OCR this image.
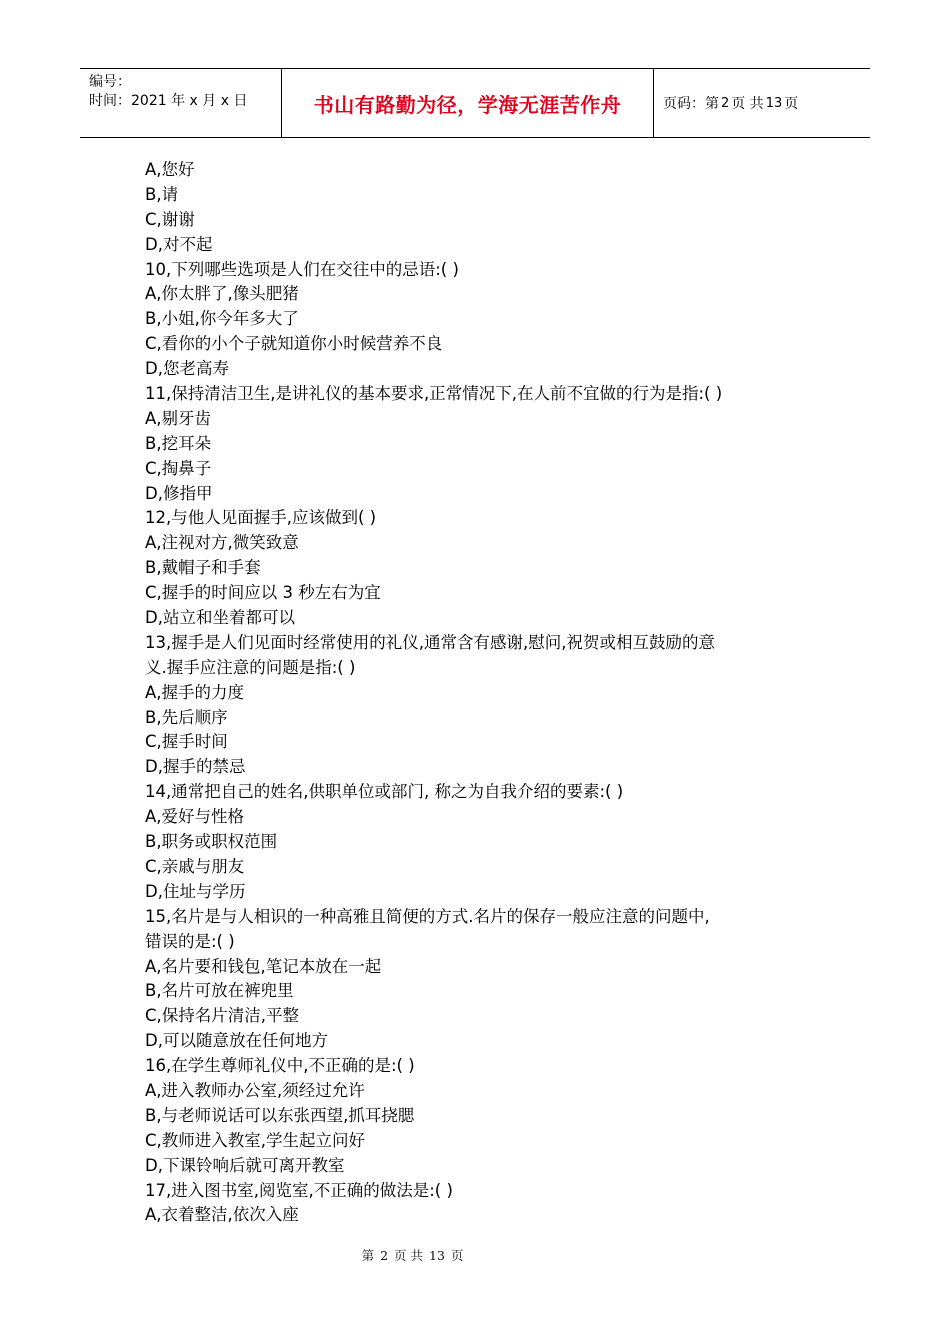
编号：
时间：2021 年 x 月 x 日	书山有路勤为径，学海无涯苦作舟	页码：第 2 页 共 13 页
A,您好
B,请
C,谢谢
D,对不起
10,下列哪些选项是人们在交往中的忌语:( )
A,你太胖了,像头肥猪
B,小姐,你今年多大了
C,看你的小个子就知道你小时候营养不良
D,您老高寿
11,保持清洁卫生,是讲礼仪的基本要求,正常情况下,在人前不宜做的行为是指:( )
A,剔牙齿
B,挖耳朵
C,掏鼻子
D,修指甲
12,与他人见面握手,应该做到( )
A,注视对方,微笑致意
B,戴帽子和手套
C,握手的时间应以 3 秒左右为宜
D,站立和坐着都可以
13,握手是人们见面时经常使用的礼仪,通常含有感谢,慰问,祝贺或相互鼓励的意
义.握手应注意的问题是指:( )
A,握手的力度
B,先后顺序
C,握手时间
D,握手的禁忌
14,通常把自己的姓名,供职单位或部门, 称之为自我介绍的要素:( )
A,爱好与性格
B,职务或职权范围
C,亲戚与朋友
D,住址与学历
15,名片是与人相识的一种高雅且简便的方式.名片的保存一般应注意的问题中,
错误的是:( )
A,名片要和钱包,笔记本放在一起
B,名片可放在裤兜里
C,保持名片清洁,平整
D,可以随意放在任何地方
16,在学生尊师礼仪中,不正确的是:( )
A,进入教师办公室,须经过允许
B,与老师说话可以东张西望,抓耳挠腮
C,教师进入教室,学生起立问好
D,下课铃响后就可离开教室
17,进入图书室,阅览室,不正确的做法是:( )
A,衣着整洁,依次入座
第 2 页 共 13 页
